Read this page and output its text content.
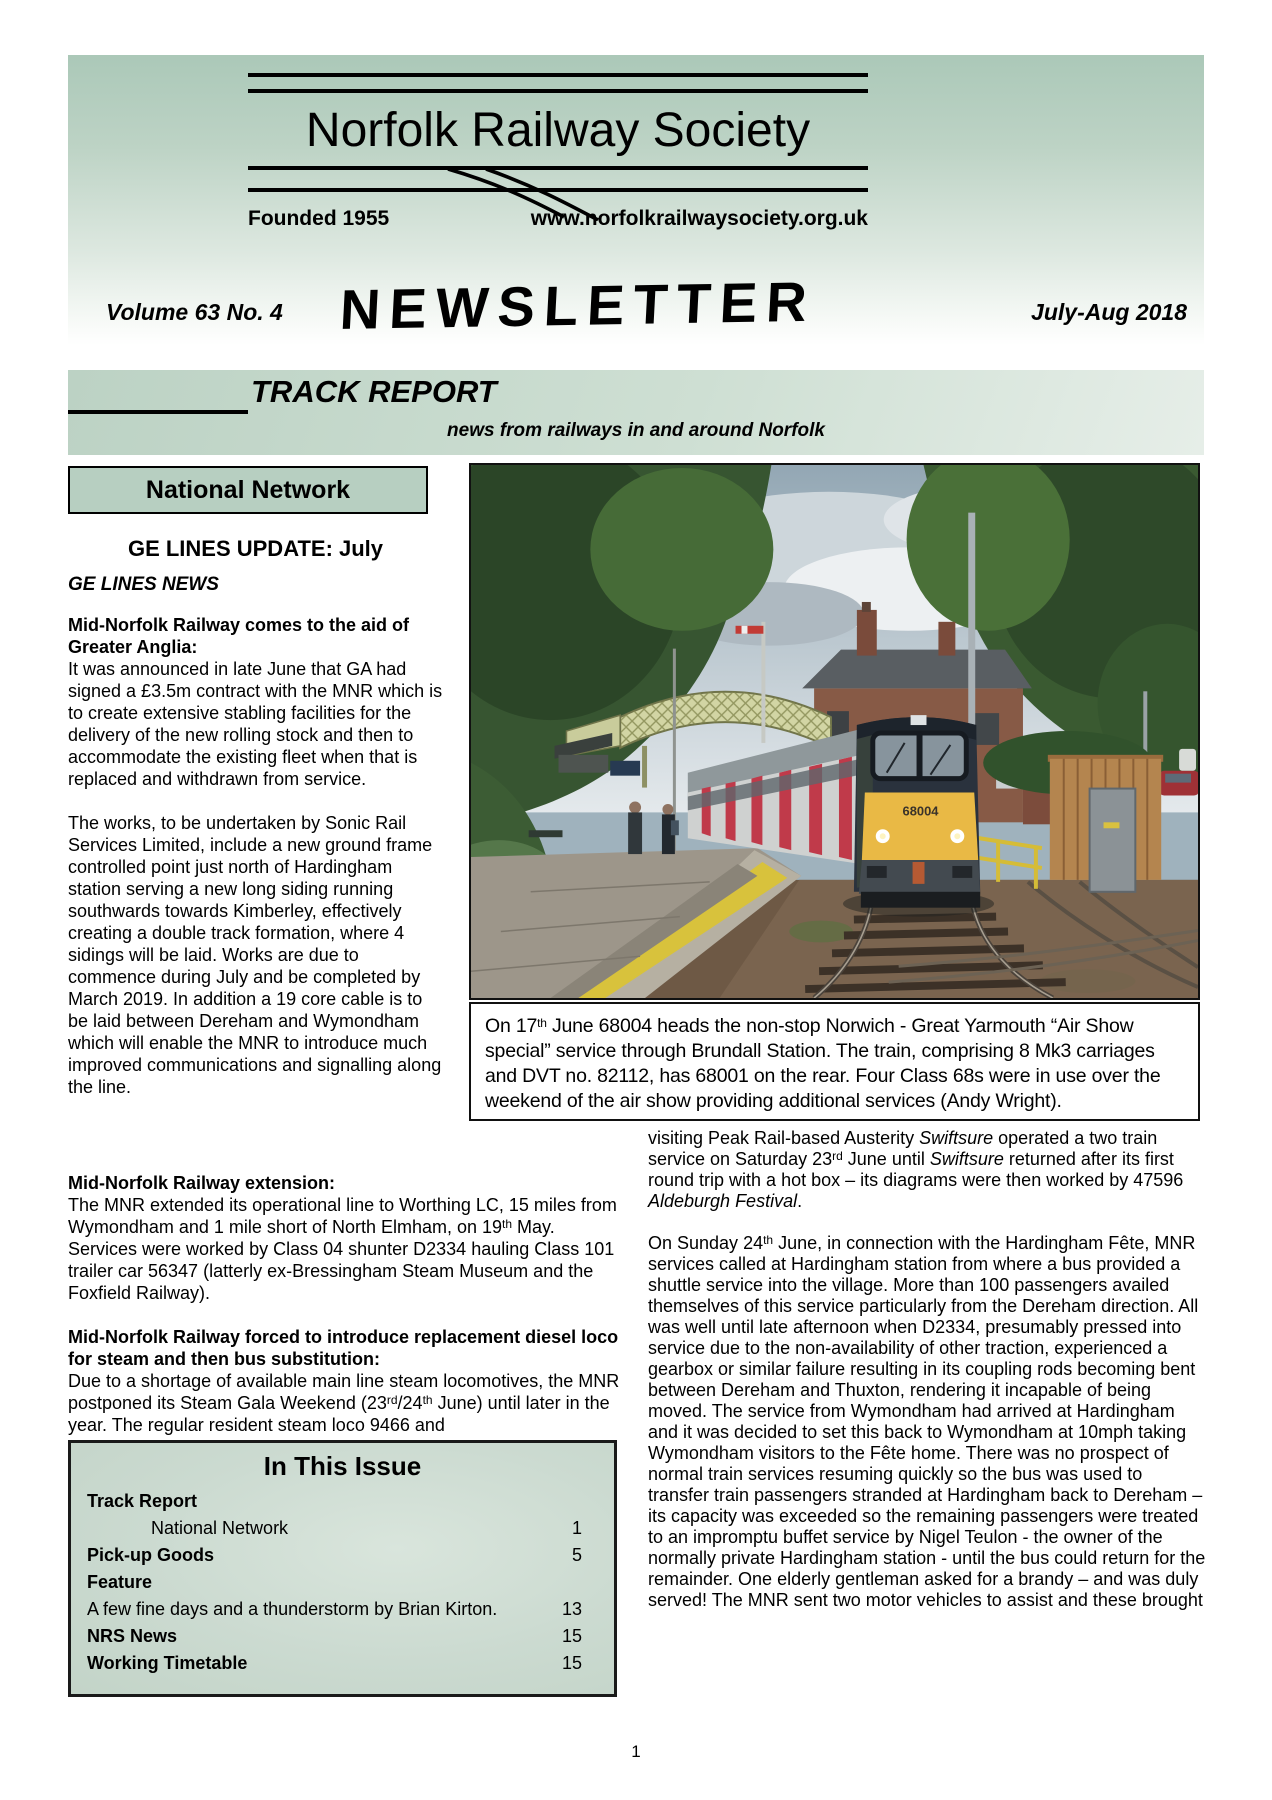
Norfolk Railway Society
Founded 1955	www.norfolkrailwaysociety.org.uk
Volume 63 No. 4 NEWSLETTER	July-Aug 2018
TRACK REPORT
news from railways in and around Norfolk
National Network
68004
On 17th June 68004 heads the non-stop Norwich - Great Yarmouth “Air Show special” service through Brundall Station. The train, comprising 8 Mk3 carriages and DVT no. 82112, has 68001 on the rear. Four Class 68s were in use over the weekend of the air show providing additional services (Andy Wright).
GE LINES UPDATE: July
GE LINES NEWS
Mid-Norfolk Railway comes to the aid of Greater Anglia:

It was announced in late June that GA had signed a £3.5m contract with the MNR which is to create extensive stabling facilities for the delivery of the new rolling stock and then to accommodate the existing fleet when that is replaced and withdrawn from service.

The works, to be undertaken by Sonic Rail Services Limited, include a new ground frame controlled point just north of Hardingham station serving a new long siding running southwards towards Kimberley, effectively creating a double track formation, where 4 sidings will be laid. Works are due to commence during July and be completed by March 2019. In addition a 19 core cable is to be laid between Dereham and Wymondham which will enable the MNR to introduce much improved communications and signalling along the line.

Mid-Norfolk Railway extension:

The MNR extended its operational line to Worthing LC, 15 miles from Wymondham and 1 mile short of North Elmham, on 19th May. Services were worked by Class 04 shunter D2334 hauling Class 101 trailer car 56347 (latterly ex-Bressingham Steam Museum and the Foxfield Railway).

Mid-Norfolk Railway forced to introduce replacement diesel loco for steam and then bus substitution:

Due to a shortage of available main line steam locomotives, the MNR postponed its Steam Gala Weekend (23rd/24th June) until later in the year. The regular resident steam loco 9466 and

In This Issue
Track Report
National Network	1
Pick-up Goods	5
Feature
A few fine days and a thunderstorm by Brian Kirton.	13
NRS News	15
Working Timetable	15

visiting Peak Rail-based Austerity Swiftsure operated a two train service on Saturday 23rd June until Swiftsure returned after its first round trip with a hot box – its diagrams were then worked by 47596 Aldeburgh Festival.

On Sunday 24th June, in connection with the Hardingham Fête, MNR services called at Hardingham station from where a bus provided a shuttle service into the village. More than 100 passengers availed themselves of this service particularly from the Dereham direction. All was well until late afternoon when D2334, presumably pressed into service due to the non-availability of other traction, experienced a gearbox or similar failure resulting in its coupling rods becoming bent between Dereham and Thuxton, rendering it incapable of being moved. The service from Wymondham had arrived at Hardingham and it was decided to set this back to Wymondham at 10mph taking Wymondham visitors to the Fête home. There was no prospect of normal train services resuming quickly so the bus was used to transfer train passengers stranded at Hardingham back to Dereham – its capacity was exceeded so the remaining passengers were treated to an impromptu buffet service by Nigel Teulon - the owner of the normally private Hardingham station - until the bus could return for the remainder. One elderly gentleman asked for a brandy – and was duly served! The MNR sent two motor vehicles to assist and these brought

1
